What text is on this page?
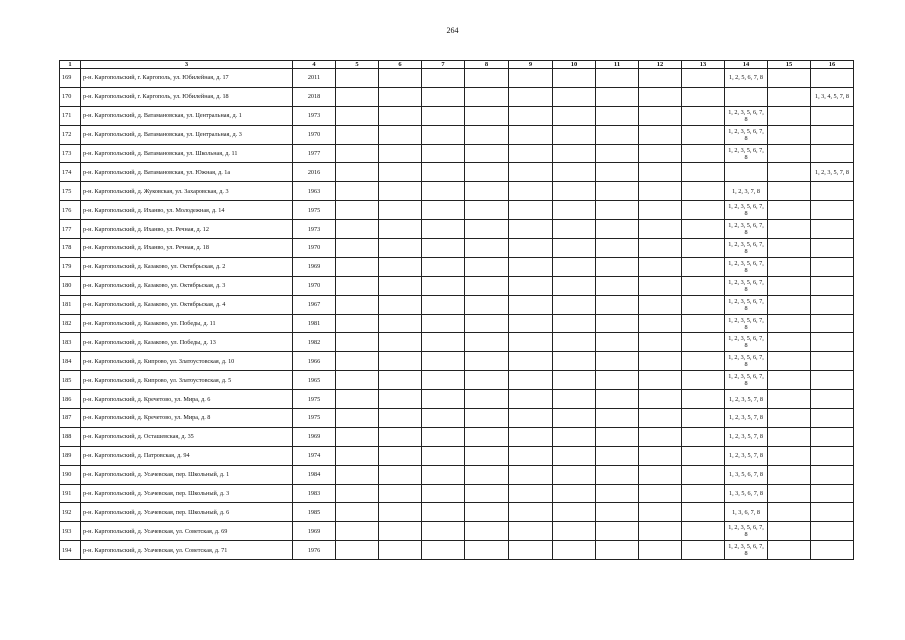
264
1	3	4	5	6	7	8	9	10	11	12	13	14	15	16
169	р-н. Каргопольский, г. Каргополь, ул. Юбилейная, д. 17	2011										1, 2, 5, 6, 7, 8		
170	р-н. Каргопольский, г. Каргополь, ул. Юбилейная, д. 18	2018												1, 3, 4, 5, 7, 8
171	р-н. Каргопольский, д. Ватамановская, ул. Центральная, д. 1	1973										1, 2, 3, 5, 6, 7, 8		
172	р-н. Каргопольский, д. Ватамановская, ул. Центральная, д. 3	1970										1, 2, 3, 5, 6, 7, 8		
173	р-н. Каргопольский, д. Ватамановская, ул. Школьная, д. 11	1977										1, 2, 3, 5, 6, 7, 8		
174	р-н. Каргопольский, д. Ватамановская, ул. Южная, д. 1а	2016												1, 2, 3, 5, 7, 8
175	р-н. Каргопольский, д. Жуковская, ул. Захаровская, д. 3	1963										1, 2, 3, 7, 8		
176	р-н. Каргопольский, д. Иханво, ул. Молодежная, д. 14	1975										1, 2, 3, 5, 6, 7, 8		
177	р-н. Каргопольский, д. Иханво, ул. Речная, д. 12	1973										1, 2, 3, 5, 6, 7, 8		
178	р-н. Каргопольский, д. Иханво, ул. Речная, д. 18	1970										1, 2, 3, 5, 6, 7, 8		
179	р-н. Каргопольский, д. Казаково, ул. Октябрьская, д. 2	1969										1, 2, 3, 5, 6, 7, 8		
180	р-н. Каргопольский, д. Казаково, ул. Октябрьская, д. 3	1970										1, 2, 3, 5, 6, 7, 8		
181	р-н. Каргопольский, д. Казаково, ул. Октябрьская, д. 4	1967										1, 2, 3, 5, 6, 7, 8		
182	р-н. Каргопольский, д. Казаково, ул. Победы, д. 11	1981										1, 2, 3, 5, 6, 7, 8		
183	р-н. Каргопольский, д. Казаково, ул. Победы, д. 13	1982										1, 2, 3, 5, 6, 7, 8		
184	р-н. Каргопольский, д. Кипрово, ул. Златоустовская, д. 10	1966										1, 2, 3, 5, 6, 7, 8		
185	р-н. Каргопольский, д. Кипрово, ул. Златоустовская, д. 5	1965										1, 2, 3, 5, 6, 7, 8		
186	р-н. Каргопольский, д. Кречетово, ул. Мира, д. 6	1975										1, 2, 3, 5, 7, 8		
187	р-н. Каргопольский, д. Кречетово, ул. Мира, д. 8	1975										1, 2, 3, 5, 7, 8		
188	р-н. Каргопольский, д. Осташевская, д. 35	1969										1, 2, 3, 5, 7, 8		
189	р-н. Каргопольский, д. Патровская, д. 94	1974										1, 2, 3, 5, 7, 8		
190	р-н. Каргопольский, д. Усачевская, пер. Школьный, д. 1	1984										1, 3, 5, 6, 7, 8		
191	р-н. Каргопольский, д. Усачевская, пер. Школьный, д. 3	1983										1, 3, 5, 6, 7, 8		
192	р-н. Каргопольский, д. Усачевская, пер. Школьный, д. 6	1985										1, 3, 6, 7, 8		
193	р-н. Каргопольский, д. Усачевская, ул. Советская, д. 69	1969										1, 2, 3, 5, 6, 7, 8		
194	р-н. Каргопольский, д. Усачевская, ул. Советская, д. 71	1976										1, 2, 3, 5, 6, 7, 8		
